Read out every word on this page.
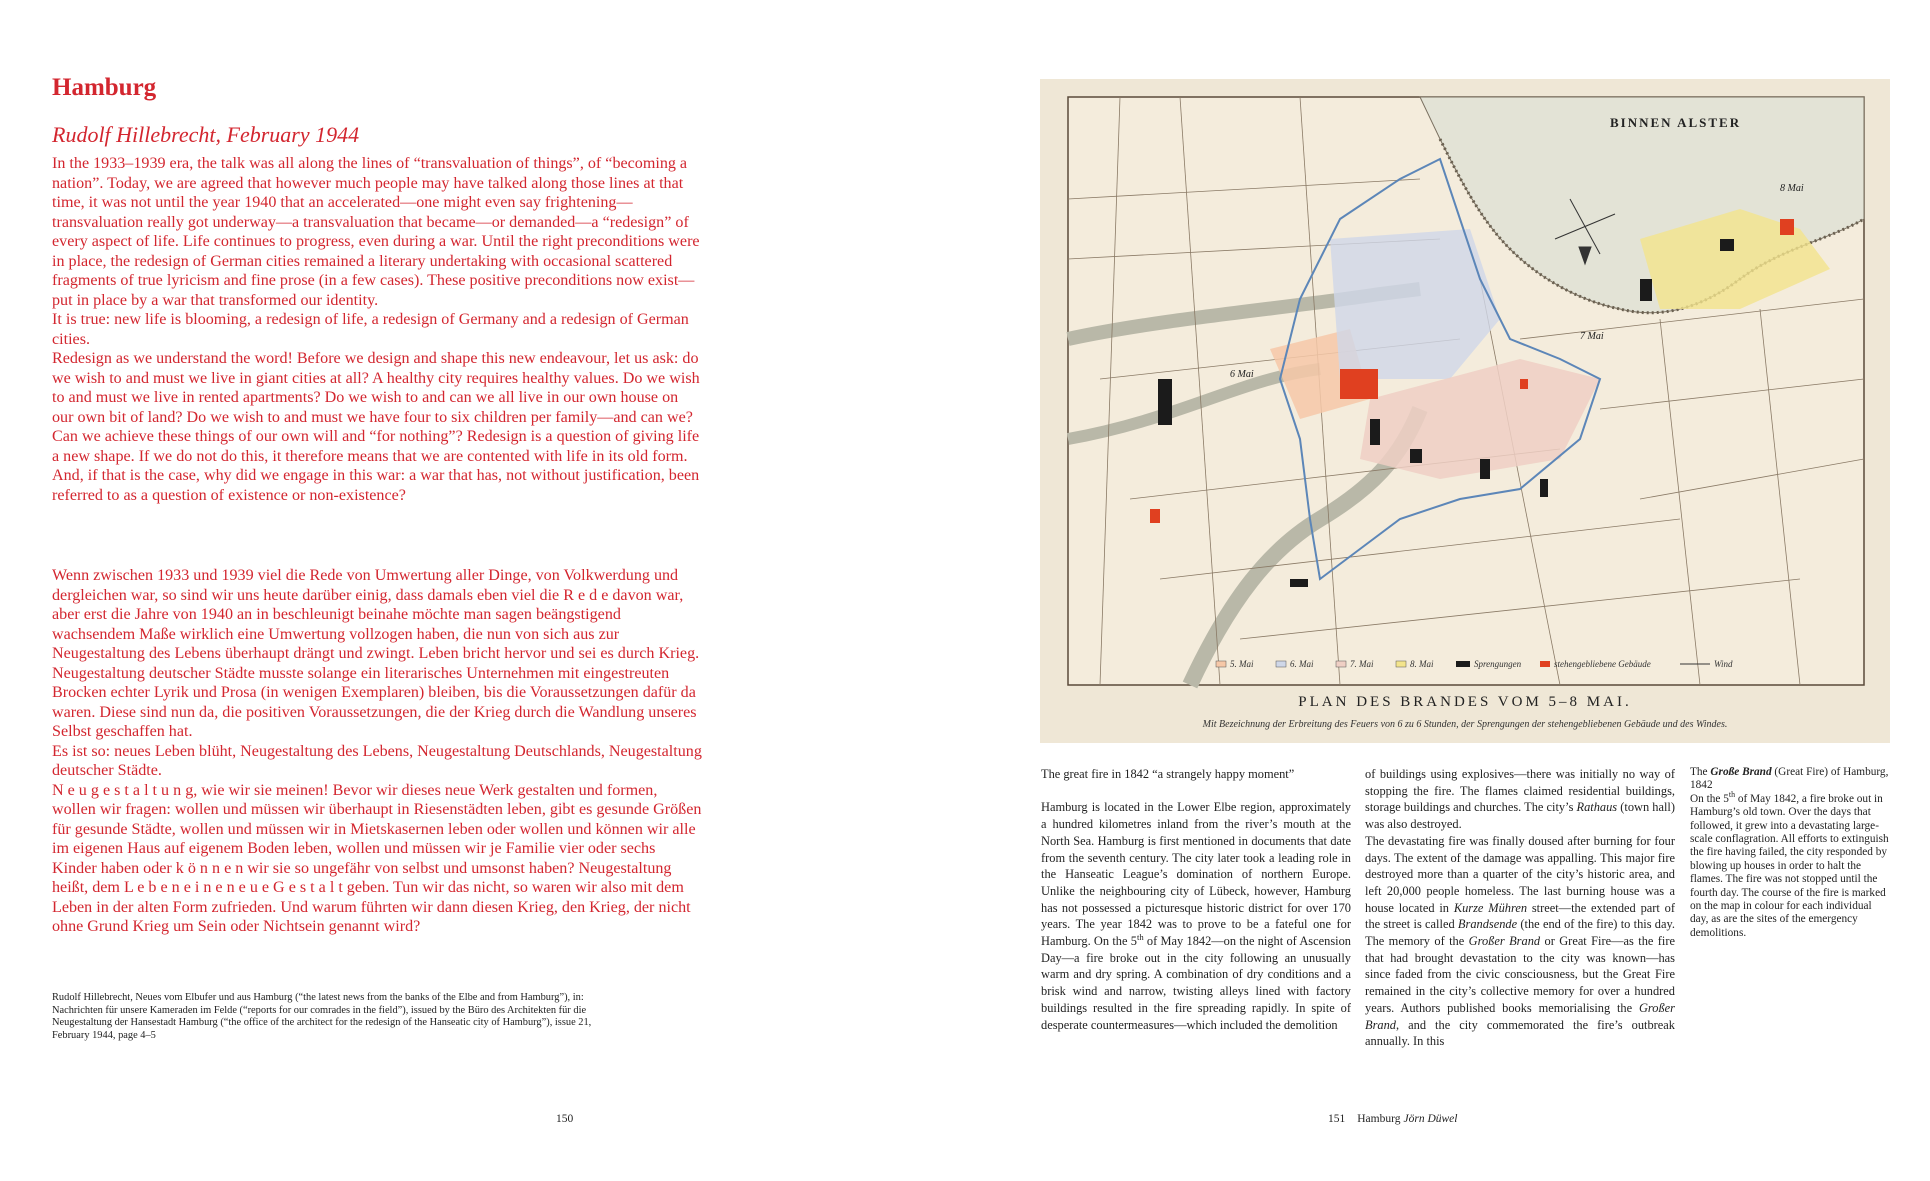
Hamburg
Rudolf Hillebrecht, February 1944

In the 1933–1939 era, the talk was all along the lines of “transvaluation of things”, of “becoming a nation”. Today, we are agreed that however much people may have talked along those lines at that time, it was not until the year 1940 that an accelerated—one might even say frightening—transvaluation really got underway—a transvaluation that became—or demanded—a “redesign” of every aspect of life. Life continues to progress, even during a war. Until the right preconditions were in place, the redesign of German cities remained a literary undertaking with occasional scattered fragments of true lyricism and fine prose (in a few cases). These positive preconditions now exist—put in place by a war that transformed our identity.

It is true: new life is blooming, a redesign of life, a redesign of Germany and a redesign of German cities.

Redesign as we understand the word! Before we design and shape this new endeavour, let us ask: do we wish to and must we live in giant cities at all? A healthy city requires healthy values. Do we wish to and must we live in rented apartments? Do we wish to and can we all live in our own house on our own bit of land? Do we wish to and must we have four to six children per family—and can we? Can we achieve these things of our own will and “for nothing”? Redesign is a question of giving life a new shape. If we do not do this, it therefore means that we are contented with life in its old form. And, if that is the case, why did we engage in this war: a war that has, not without justification, been referred to as a question of existence or non-existence?

Wenn zwischen 1933 und 1939 viel die Rede von Umwertung aller Dinge, von Volkwerdung und dergleichen war, so sind wir uns heute darüber einig, dass damals eben viel die R e d e davon war, aber erst die Jahre von 1940 an in beschleunigt beinahe möchte man sagen beängstigend wachsendem Maße wirklich eine Umwertung vollzogen haben, die nun von sich aus zur Neugestaltung des Lebens überhaupt drängt und zwingt. Leben bricht hervor und sei es durch Krieg. Neugestaltung deutscher Städte musste solange ein literarisches Unternehmen mit eingestreuten Brocken echter Lyrik und Prosa (in wenigen Exemplaren) bleiben, bis die Voraussetzungen dafür da waren. Diese sind nun da, die positiven Voraussetzungen, die der Krieg durch die Wandlung unseres Selbst geschaffen hat.

Es ist so: neues Leben blüht, Neugestaltung des Lebens, Neugestaltung Deutschlands, Neugestaltung deutscher Städte.

N e u g e s t a l t u n g, wie wir sie meinen! Bevor wir dieses neue Werk gestalten und formen, wollen wir fragen: wollen und müssen wir überhaupt in Riesenstädten leben, gibt es gesunde Größen für gesunde Städte, wollen und müssen wir in Mietskasernen leben oder wollen und können wir alle im eigenen Haus auf eigenem Boden leben, wollen und müssen wir je Familie vier oder sechs Kinder haben oder k ö n n e n wir sie so ungefähr von selbst und umsonst haben? Neugestaltung heißt, dem L e b e n e i n e n e u e G e s t a l t geben. Tun wir das nicht, so waren wir also mit dem Leben in der alten Form zufrieden. Und warum führten wir dann diesen Krieg, den Krieg, der nicht ohne Grund Krieg um Sein oder Nichtsein genannt wird?

Rudolf Hillebrecht, Neues vom Elbufer und aus Hamburg (“the latest news from the banks of the Elbe and from Hamburg”), in: Nachrichten für unsere Kameraden im Felde (“reports for our comrades in the field”), issued by the Büro des Architekten für die Neugestaltung der Hansestadt Hamburg (“the office of the architect for the redesign of the Hanseatic city of Hamburg”), issue 21, February 1944, page 4–5
150
BINNEN ALSTER
6 Mai
7 Mai
8 Mai
5. Mai	6. Mai	7. Mai	8. Mai	Sprengungen	stehengebliebene Gebäude	Wind
PLAN DES BRANDES VOM 5–8 MAI.
Mit Bezeichnung der Erbreitung des Feuers von 6 zu 6 Stunden, der Sprengungen der stehengebliebenen Gebäude und des Windes.

The great fire in 1842 “a strangely happy moment”

Hamburg is located in the Lower Elbe region, approximately a hundred kilometres inland from the river’s mouth at the North Sea. Hamburg is first mentioned in documents that date from the seventh century. The city later took a leading role in the Hanseatic League’s domination of northern Europe. Unlike the neighbouring city of Lübeck, however, Hamburg has not possessed a picturesque historic district for over 170 years. The year 1842 was to prove to be a fateful one for Hamburg. On the 5th of May 1842—on the night of Ascension Day—a fire broke out in the city following an unusually warm and dry spring. A combination of dry conditions and a brisk wind and narrow, twisting alleys lined with factory buildings resulted in the fire spreading rapidly. In spite of desperate countermeasures—which included the demolition

of buildings using explosives—there was initially no way of stopping the fire. The flames claimed residential buildings, storage buildings and churches. The city’s Rathaus (town hall) was also destroyed.

The devastating fire was finally doused after burning for four days. The extent of the damage was appalling. This major fire destroyed more than a quarter of the city’s historic area, and left 20,000 people homeless. The last burning house was a house located in Kurze Mühren street—the extended part of the street is called Brandsende (the end of the fire) to this day. The memory of the Großer Brand or Great Fire—as the fire that had brought devastation to the city was known—has since faded from the civic consciousness, but the Great Fire remained in the city’s collective memory for over a hundred years. Authors published books memorialising the Großer Brand, and the city commemorated the fire’s outbreak annually. In this

The Große Brand (Great Fire) of Hamburg, 1842

On the 5th of May 1842, a fire broke out in Hamburg’s old town. Over the days that followed, it grew into a devastating large-scale conflagration. All efforts to extinguish the fire having failed, the city responded by blowing up houses in order to halt the flames. The fire was not stopped until the fourth day. The course of the fire is marked on the map in colour for each individual day, as are the sites of the emergency demolitions.

151 Hamburg Jörn Düwel
